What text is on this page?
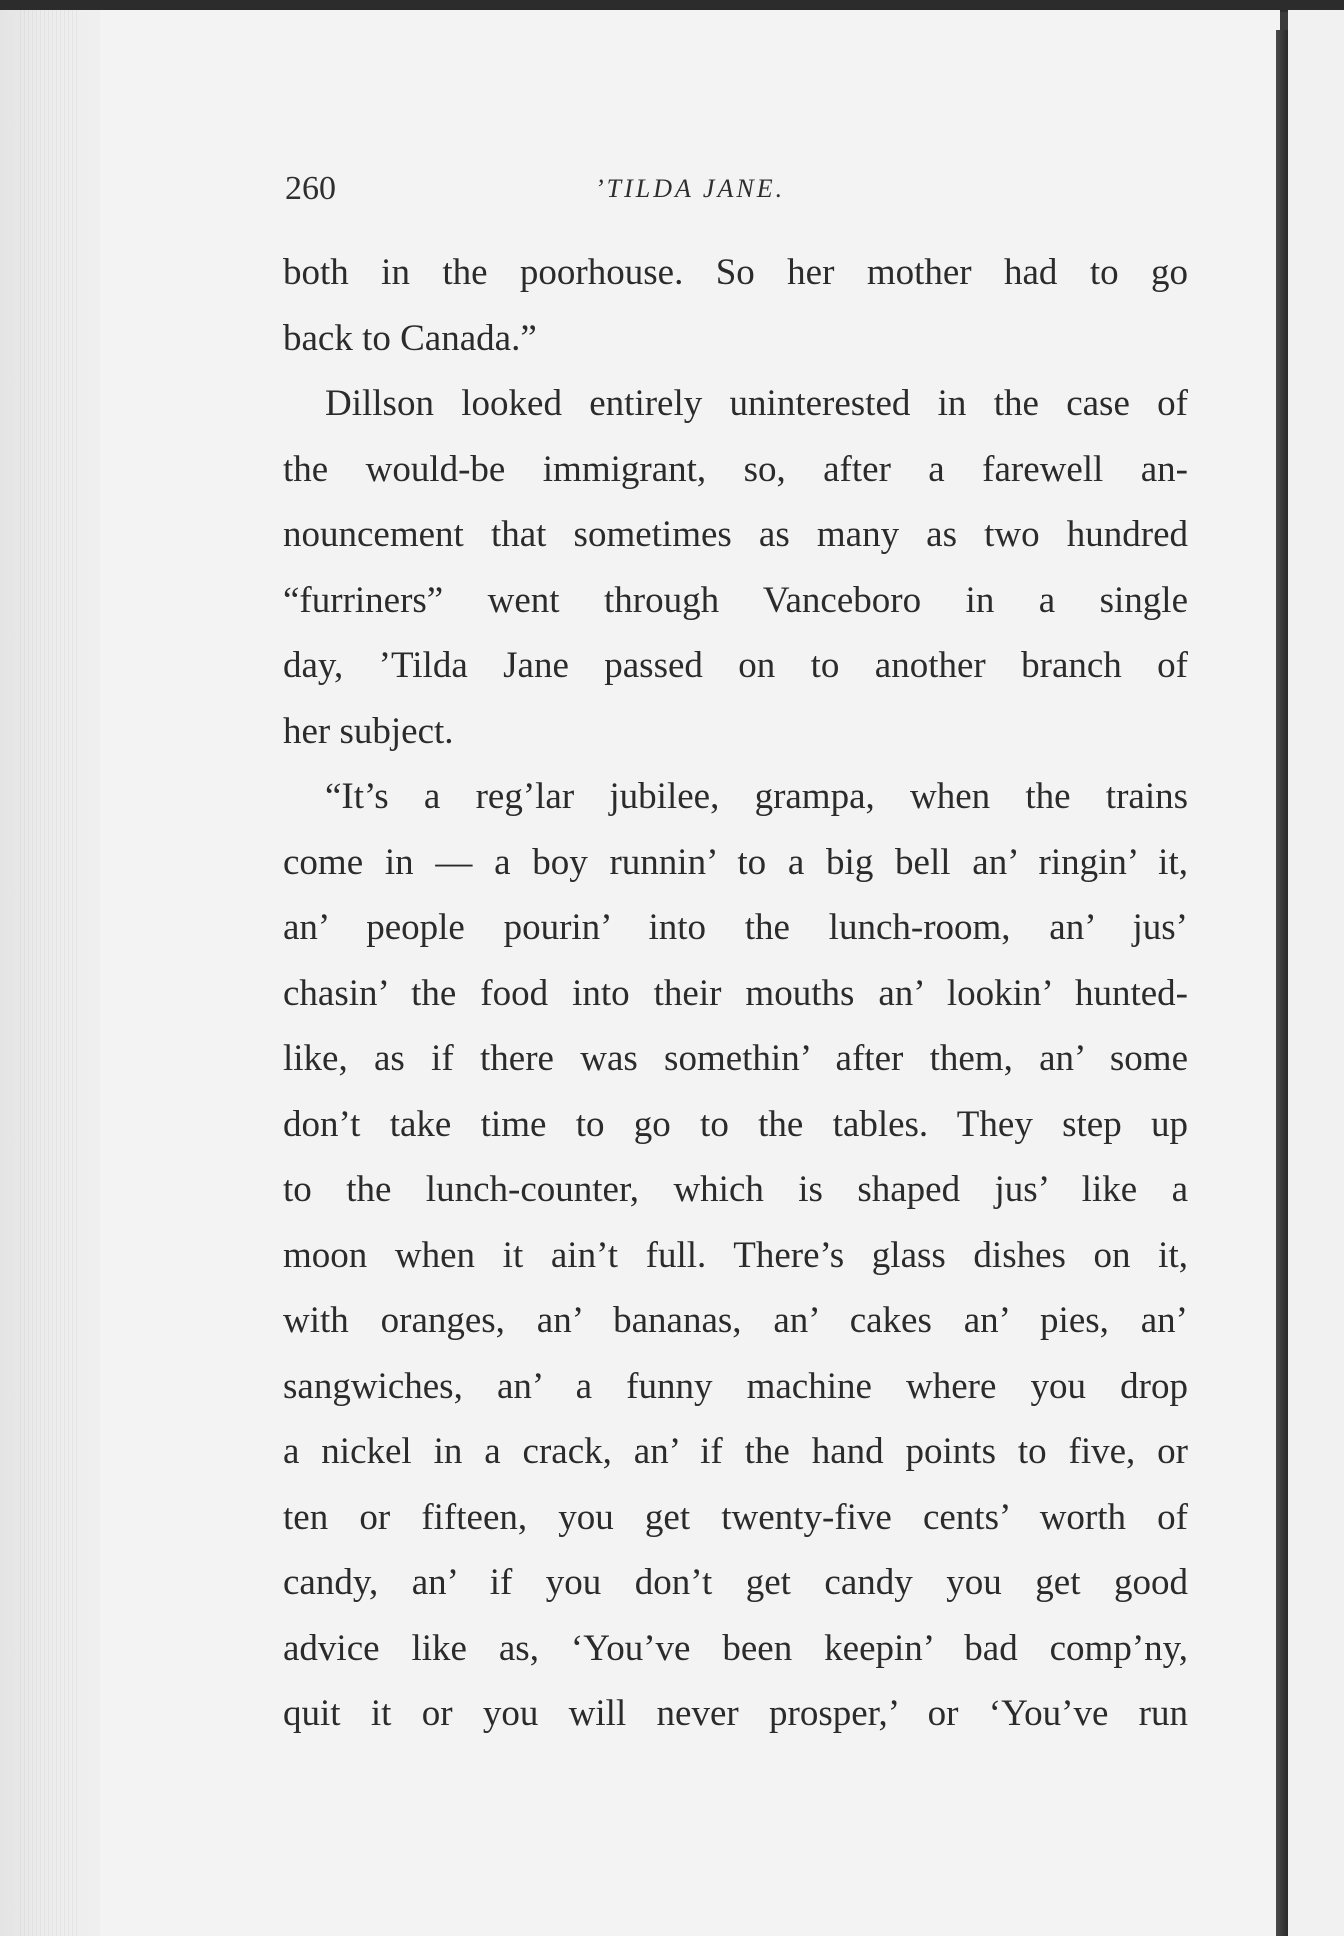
260	’TILDA JANE.
both in the poorhouse. So her mother had to go
back to Canada.”
Dillson looked entirely uninterested in the case of
the would-be immigrant, so, after a farewell an-
nouncement that sometimes as many as two hundred
“furriners” went through Vanceboro in a single
day, ’Tilda Jane passed on to another branch of
her subject.
“It’s a reg’lar jubilee, grampa, when the trains
come in — a boy runnin’ to a big bell an’ ringin’ it,
an’ people pourin’ into the lunch-room, an’ jus’
chasin’ the food into their mouths an’ lookin’ hunted-
like, as if there was somethin’ after them, an’ some
don’t take time to go to the tables. They step up
to the lunch-counter, which is shaped jus’ like a
moon when it ain’t full. There’s glass dishes on it,
with oranges, an’ bananas, an’ cakes an’ pies, an’
sangwiches, an’ a funny machine where you drop
a nickel in a crack, an’ if the hand points to five, or
ten or fifteen, you get twenty-five cents’ worth of
candy, an’ if you don’t get candy you get good
advice like as, ‘You’ve been keepin’ bad comp’ny,
quit it or you will never prosper,’ or ‘You’ve run
